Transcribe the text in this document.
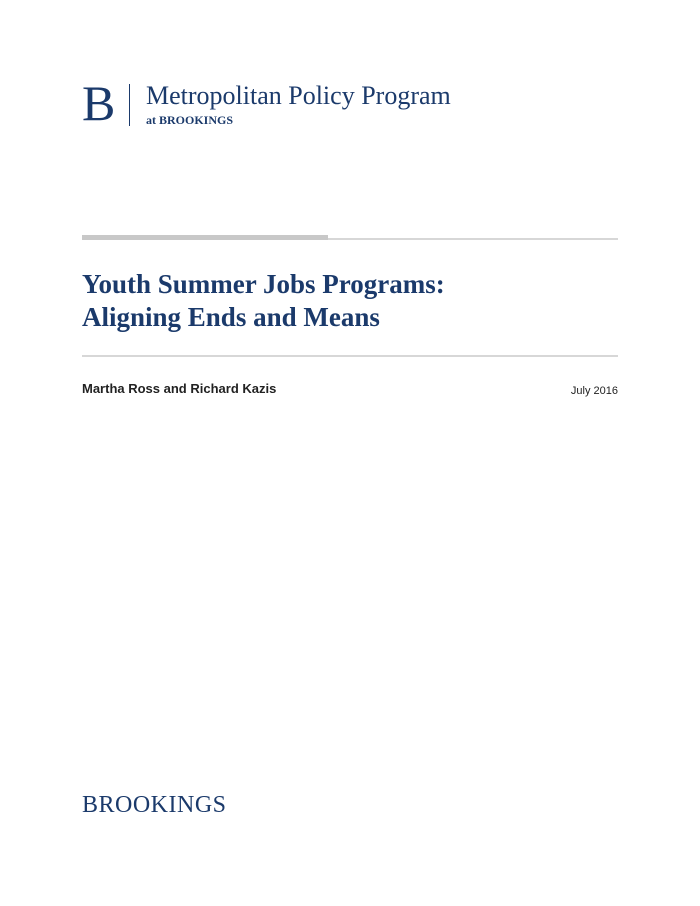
B Metropolitan Policy Program
at BROOKINGS
Youth Summer Jobs Programs:
Aligning Ends and Means
Martha Ross and Richard Kazis	July 2016
BROOKINGS
